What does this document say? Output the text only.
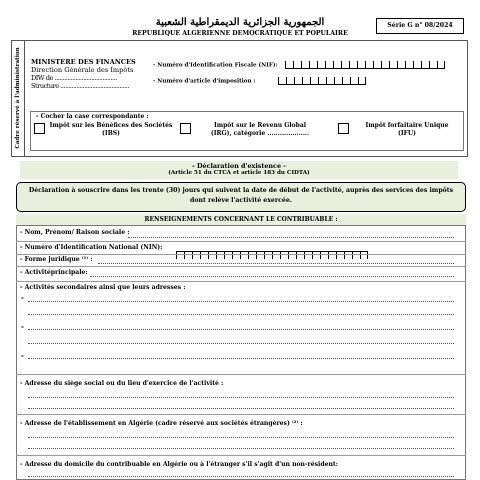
الجمهورية الجزائرية الديمقراطية الشعبية
REPUBLIQUE ALGERIENNE DEMOCRATIQUE ET POPULAIRE
Série G n° 08/2024
Cadre réservé à l'administration MINISTERE DES FINANCES
Direction Générale des Impôts
DIW de .......................................
Structure ...........................................
- Numéro d'Identification Fiscale (NIF):
- Numéro d'article d'imposition :
- Cocher la case correspondante :
Impôt sur les Bénéfices des Sociétés
(IBS)
Impôt sur le Revenu Global
(IRG), catégorie ....................
Impôt forfaitaire Unique
(IFU)
- Déclaration d'existence -
(Article 51 du CTCA et article 183 du CIDTA)
Déclaration à souscrire dans les trente (30) jours qui suivent la date de début de l'activité, auprès des services des impôts dont relève l'activité exercée.
RENSEIGNEMENTS CONCERNANT LE CONTRIBUABLE :
- Nom, Prénom/ Raison sociale :
- Numéro d'Identification National (NIN):
- Forme juridique ⁽¹⁾ :
- Activitéprincipale:
- Activités secondaires ainsi que leurs adresses :
-
-
-
- Adresse du siège social ou du lieu d'exercice de l'activité :
- Adresse de l'établissement en Algérie (cadre réservé aux sociétés étrangères) ⁽²⁾ :
- Adresse du domicile du contribuable en Algérie ou à l'étranger s'il s'agit d'un non-résident:
